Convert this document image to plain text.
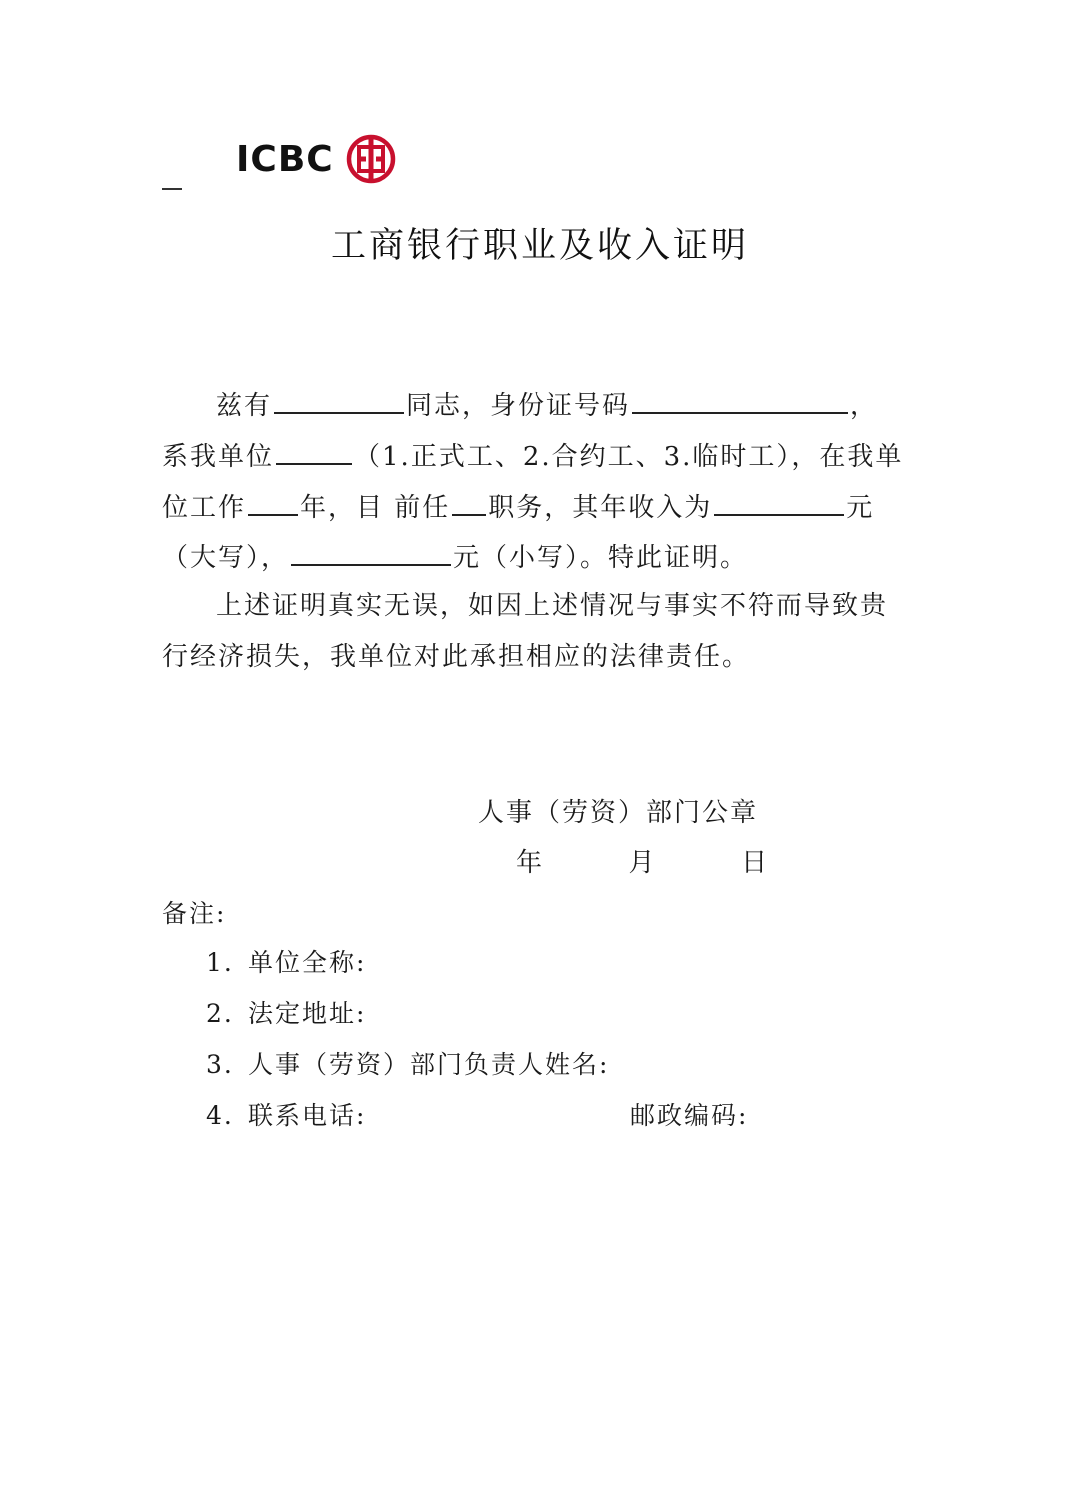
ICBC
工商银行职业及收入证明
兹有	同志，身份证号码	，
系我单位	（1.正式工、2.合约工、3.临时工），在我单
位工作 年，目 前任 职务，其年收入为	元
（大写），	元（小写）。特此证明。
上述证明真实无误，如因上述情况与事实不符而导致贵
行经济损失，我单位对此承担相应的法律责任。
人事（劳资）部门公章
年	月	日
备注:
1. 单位全称:
2. 法定地址:
3. 人事（劳资）部门负责人姓名:
4. 联系电话:	邮政编码:
